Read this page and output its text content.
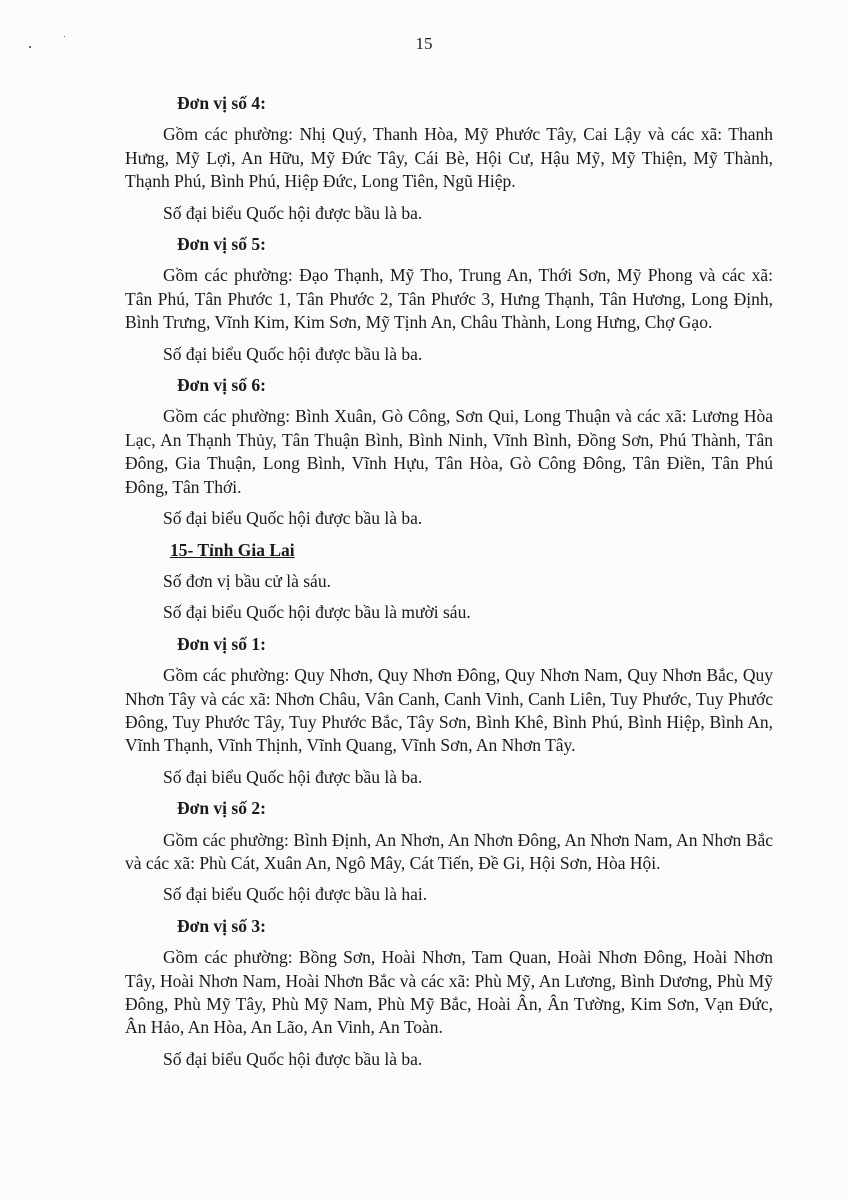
15

Đơn vị số 4:

Gồm các phường: Nhị Quý, Thanh Hòa, Mỹ Phước Tây, Cai Lậy và các xã: Thanh Hưng, Mỹ Lợi, An Hữu, Mỹ Đức Tây, Cái Bè, Hội Cư, Hậu Mỹ, Mỹ Thiện, Mỹ Thành, Thạnh Phú, Bình Phú, Hiệp Đức, Long Tiên, Ngũ Hiệp.

Số đại biểu Quốc hội được bầu là ba.

Đơn vị số 5:

Gồm các phường: Đạo Thạnh, Mỹ Tho, Trung An, Thới Sơn, Mỹ Phong và các xã: Tân Phú, Tân Phước 1, Tân Phước 2, Tân Phước 3, Hưng Thạnh, Tân Hương, Long Định, Bình Trưng, Vĩnh Kim, Kim Sơn, Mỹ Tịnh An, Châu Thành, Long Hưng, Chợ Gạo.

Số đại biểu Quốc hội được bầu là ba.

Đơn vị số 6:

Gồm các phường: Bình Xuân, Gò Công, Sơn Qui, Long Thuận và các xã: Lương Hòa Lạc, An Thạnh Thủy, Tân Thuận Bình, Bình Ninh, Vĩnh Bình, Đồng Sơn, Phú Thành, Tân Đông, Gia Thuận, Long Bình, Vĩnh Hựu, Tân Hòa, Gò Công Đông, Tân Điền, Tân Phú Đông, Tân Thới.

Số đại biểu Quốc hội được bầu là ba.

15- Tỉnh Gia Lai

Số đơn vị bầu cử là sáu.

Số đại biểu Quốc hội được bầu là mười sáu.

Đơn vị số 1:

Gồm các phường: Quy Nhơn, Quy Nhơn Đông, Quy Nhơn Nam, Quy Nhơn Bắc, Quy Nhơn Tây và các xã: Nhơn Châu, Vân Canh, Canh Vinh, Canh Liên, Tuy Phước, Tuy Phước Đông, Tuy Phước Tây, Tuy Phước Bắc, Tây Sơn, Bình Khê, Bình Phú, Bình Hiệp, Bình An, Vĩnh Thạnh, Vĩnh Thịnh, Vĩnh Quang, Vĩnh Sơn, An Nhơn Tây.

Số đại biểu Quốc hội được bầu là ba.

Đơn vị số 2:

Gồm các phường: Bình Định, An Nhơn, An Nhơn Đông, An Nhơn Nam, An Nhơn Bắc và các xã: Phù Cát, Xuân An, Ngô Mây, Cát Tiến, Đề Gi, Hội Sơn, Hòa Hội.

Số đại biểu Quốc hội được bầu là hai.

Đơn vị số 3:

Gồm các phường: Bồng Sơn, Hoài Nhơn, Tam Quan, Hoài Nhơn Đông, Hoài Nhơn Tây, Hoài Nhơn Nam, Hoài Nhơn Bắc và các xã: Phù Mỹ, An Lương, Bình Dương, Phù Mỹ Đông, Phù Mỹ Tây, Phù Mỹ Nam, Phù Mỹ Bắc, Hoài Ân, Ân Tường, Kim Sơn, Vạn Đức, Ân Hảo, An Hòa, An Lão, An Vinh, An Toàn.

Số đại biểu Quốc hội được bầu là ba.
